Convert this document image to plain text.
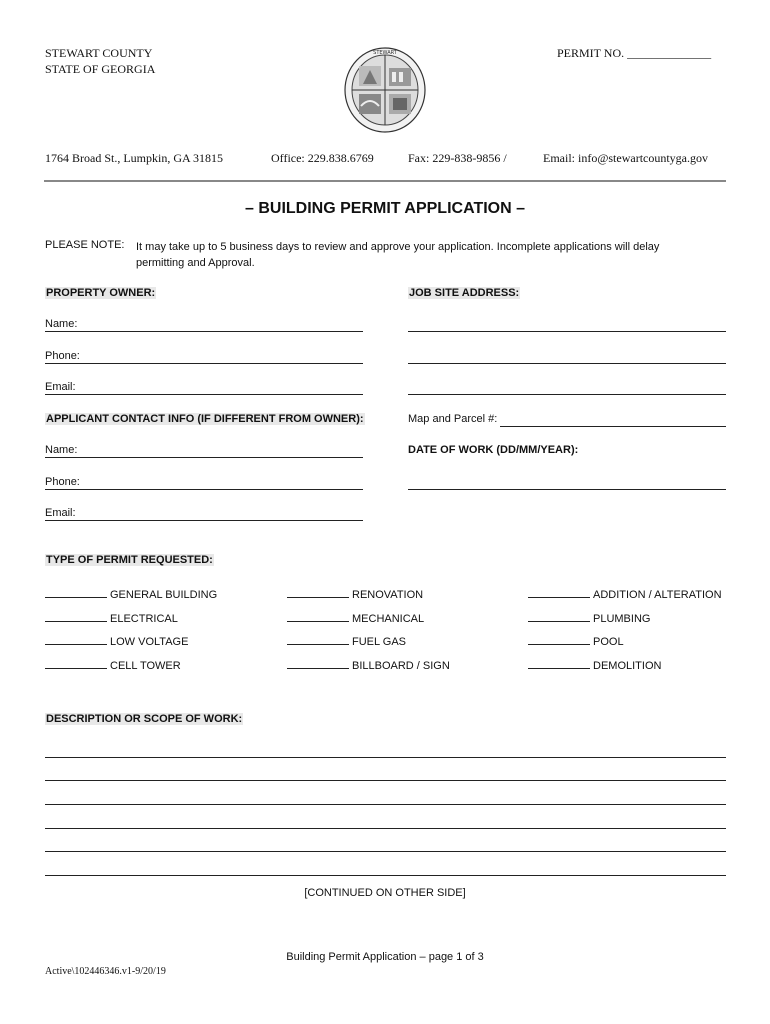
STEWART COUNTY
STATE OF GEORGIA
PERMIT NO. ______________
STEWART
1764 Broad St., Lumpkin, GA 31815	Office: 229.838.6769	Fax: 229-838-9856 /	Email: info@stewartcountyga.gov
– BUILDING PERMIT APPLICATION –
PLEASE NOTE: It may take up to 5 business days to review and approve your application. Incomplete applications will delay permitting and Approval.
PROPERTY OWNER:	JOB SITE ADDRESS:
Name:
Phone:
Email:
APPLICANT CONTACT INFO (IF DIFFERENT FROM OWNER):	Map and Parcel #:
Name:	DATE OF WORK (DD/MM/YEAR):
Phone:
Email:
TYPE OF PERMIT REQUESTED:
GENERAL BUILDING	RENOVATION	ADDITION / ALTERATION
ELECTRICAL	MECHANICAL	PLUMBING
LOW VOLTAGE	FUEL GAS	POOL
CELL TOWER	BILLBOARD / SIGN	DEMOLITION
DESCRIPTION OR SCOPE OF WORK:
[CONTINUED ON OTHER SIDE]
Building Permit Application – page 1 of 3
Active\102446346.v1-9/20/19
